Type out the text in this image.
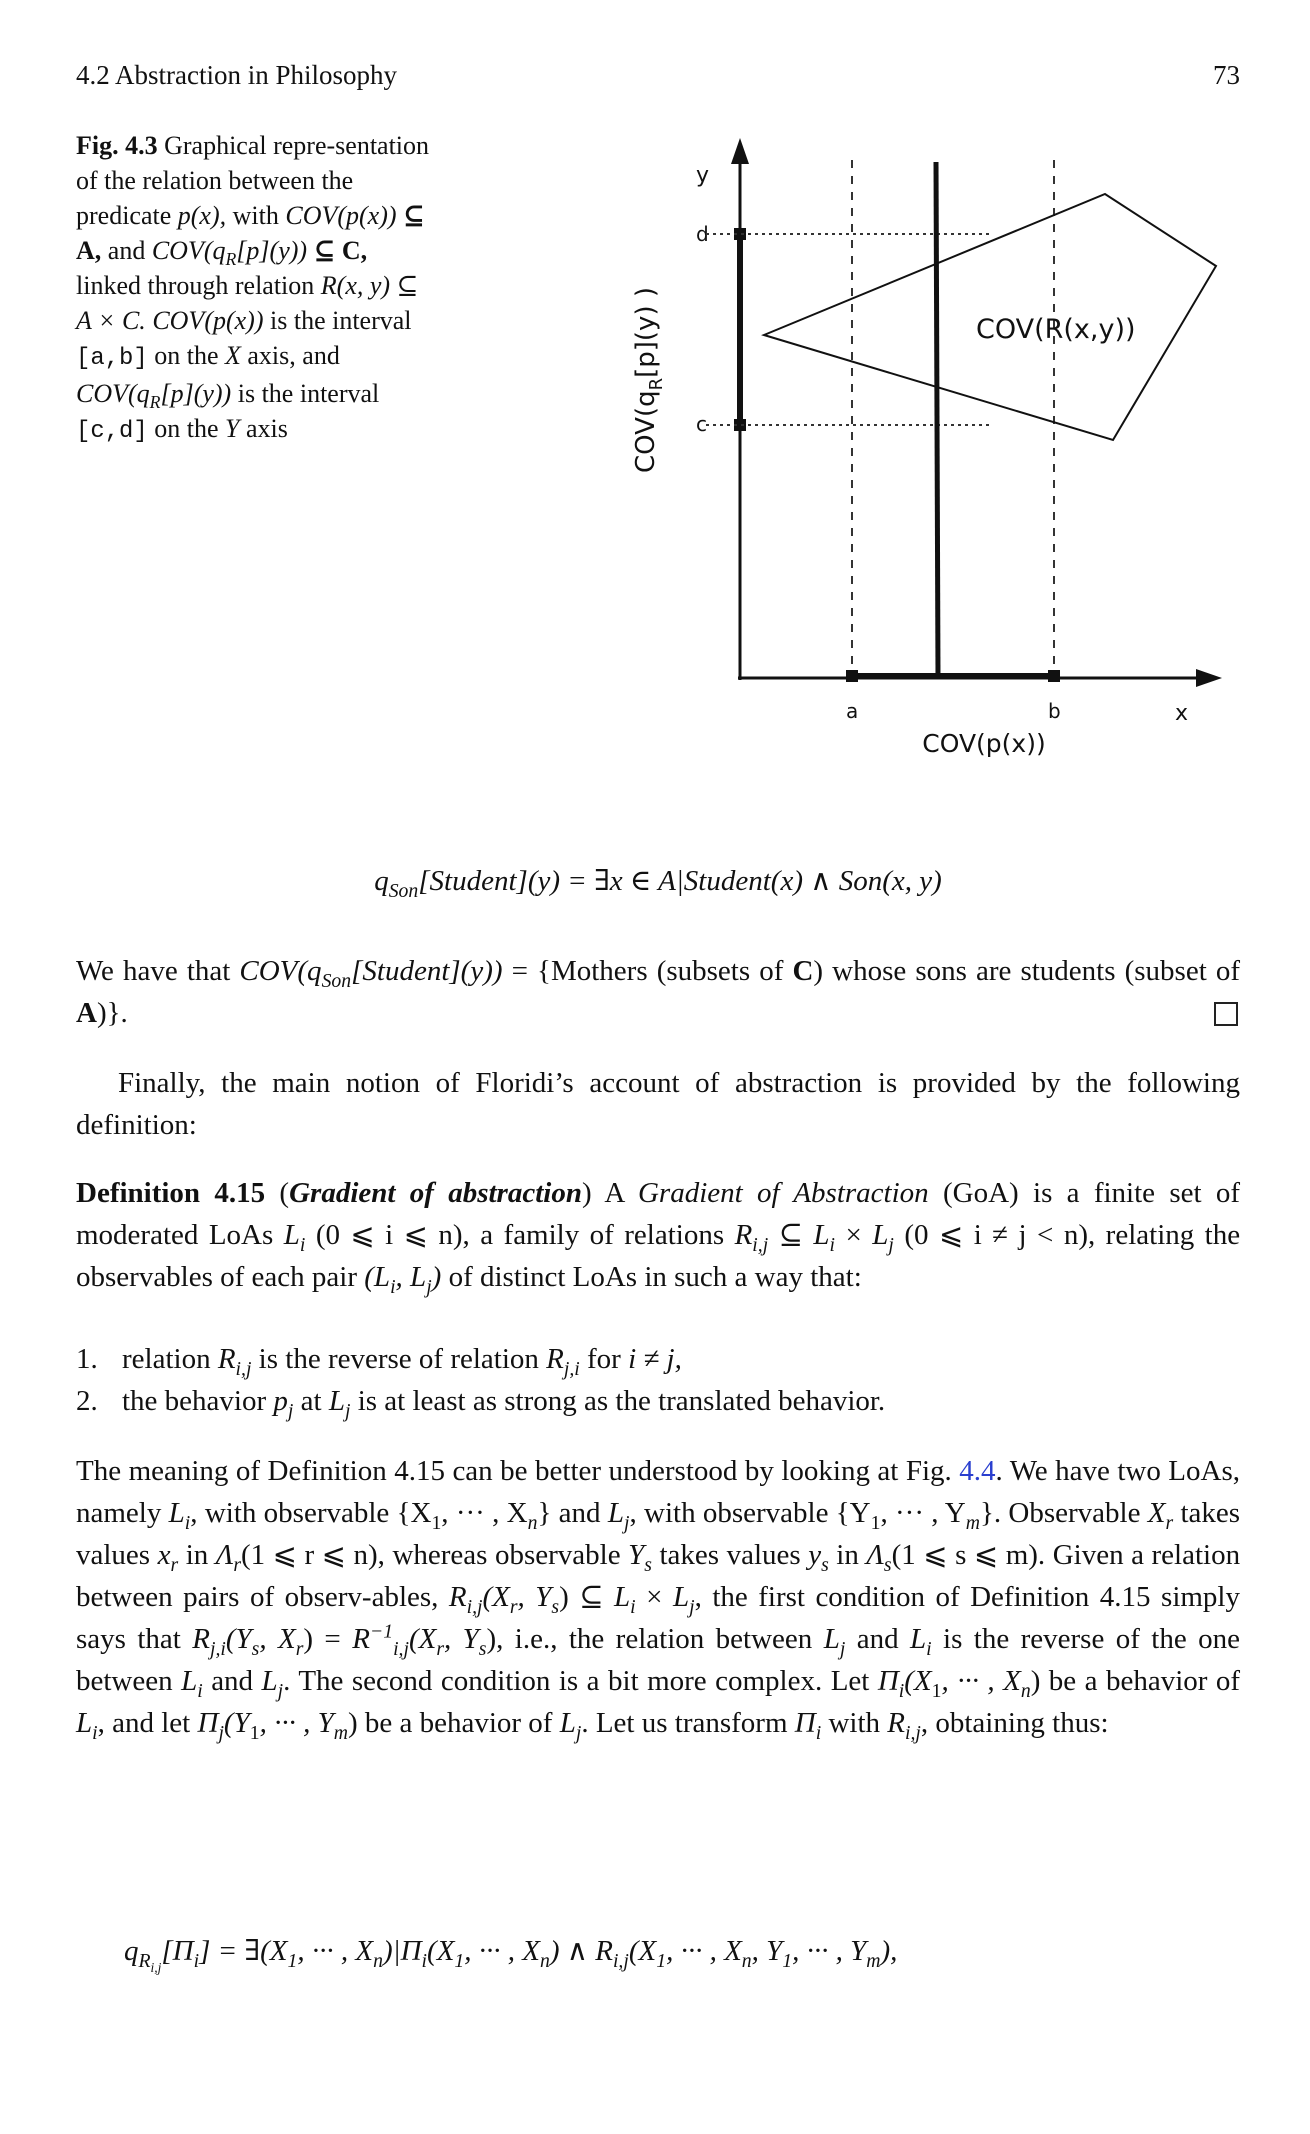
4.2 Abstraction in Philosophy	73
Fig. 4.3 Graphical repre-sentation of the relation between the predicate p(x), with COV(p(x)) ⊆ A, and $COV(q_R[p](y))$ ⊆ C, linked through relation R(x, y) ⊆ A × C. COV(p(x)) is the interval [a,b] on the X axis, and $COV(q_R[p](y))$ is the interval [c,d] on the Y axis	$COV(q_R[p](y)$ )
y
x
d
c
a	b
COV(R(x,y))
COV(p(x))
$q_{Son}[Student](y)$ = ∃x ∈ A|Student(x) ∧ Son(x, y)
We have that $COV(q_{Son}[Student](y))$ = {Mothers (subsets of C) whose sons are students (subset of A)}.
Finally, the main notion of Floridi’s account of abstraction is provided by the following definition:
Definition 4.15 (Gradient of abstraction) A Gradient of Abstraction (GoA) is a finite set of moderated LoAs $L_i$ (0 ⩽ i ⩽ n), a family of relations $R_{i,j}$ ⊆ $L_i \times L_j$ (0 ⩽ i ≠ j < n), relating the observables of each pair ($L_i$, $L_j$) of distinct LoAs in such a way that:
1. relation $R_{i,j}$ is the reverse of relation $R_{j,i}$ for i ≠ j,
2. the behavior $p_j$ at $L_j$ is at least as strong as the translated behavior.
The meaning of Definition 4.15 can be better understood by looking at Fig. 4.4. We have two LoAs, namely $L_i$, with observable {$X_1$, ··· , $X_n$} and $L_j$, with observable {$Y_1$, ··· , $Y_m$}. Observable $X_r$ takes values $x_r$ in $\Lambda_r(1$ ⩽ r ⩽ n), whereas observable $Y_s$ takes values $y_s$ in $\Lambda_s(1$ ⩽ s ⩽ m). Given a relation between pairs of observ-ables, $R_{i,j}(X_r$, $Y_s$) ⊆ $L_i \times L_j$, the first condition of Definition 4.15 simply says that $R_{j,i}(Y_s$, $X_r) = R^{-1}_{i,j}(X_r$, $Y_s$), i.e., the relation between $L_j$ and $L_i$ is the reverse of the one between $L_i$ and $L_j$. The second condition is a bit more complex. Let $\Pi_i(X_1$, ··· , $X_n$) be a behavior of $L_i$, and let $\Pi_j(Y_1$, ··· , $Y_m$) be a behavior of $L_j$. Let us transform $\Pi_i$ with $R_{i,j}$, obtaining thus:
$q_{R_{i,j}}[\Pi_i]$ = $\exists(X_1$, ··· , $X_n)|\Pi_i(X_1$, ··· , $X_n$) ∧ $R_{i,j}(X_1$, ··· , $X_n$, $Y_1$, ··· , $Y_m$),
